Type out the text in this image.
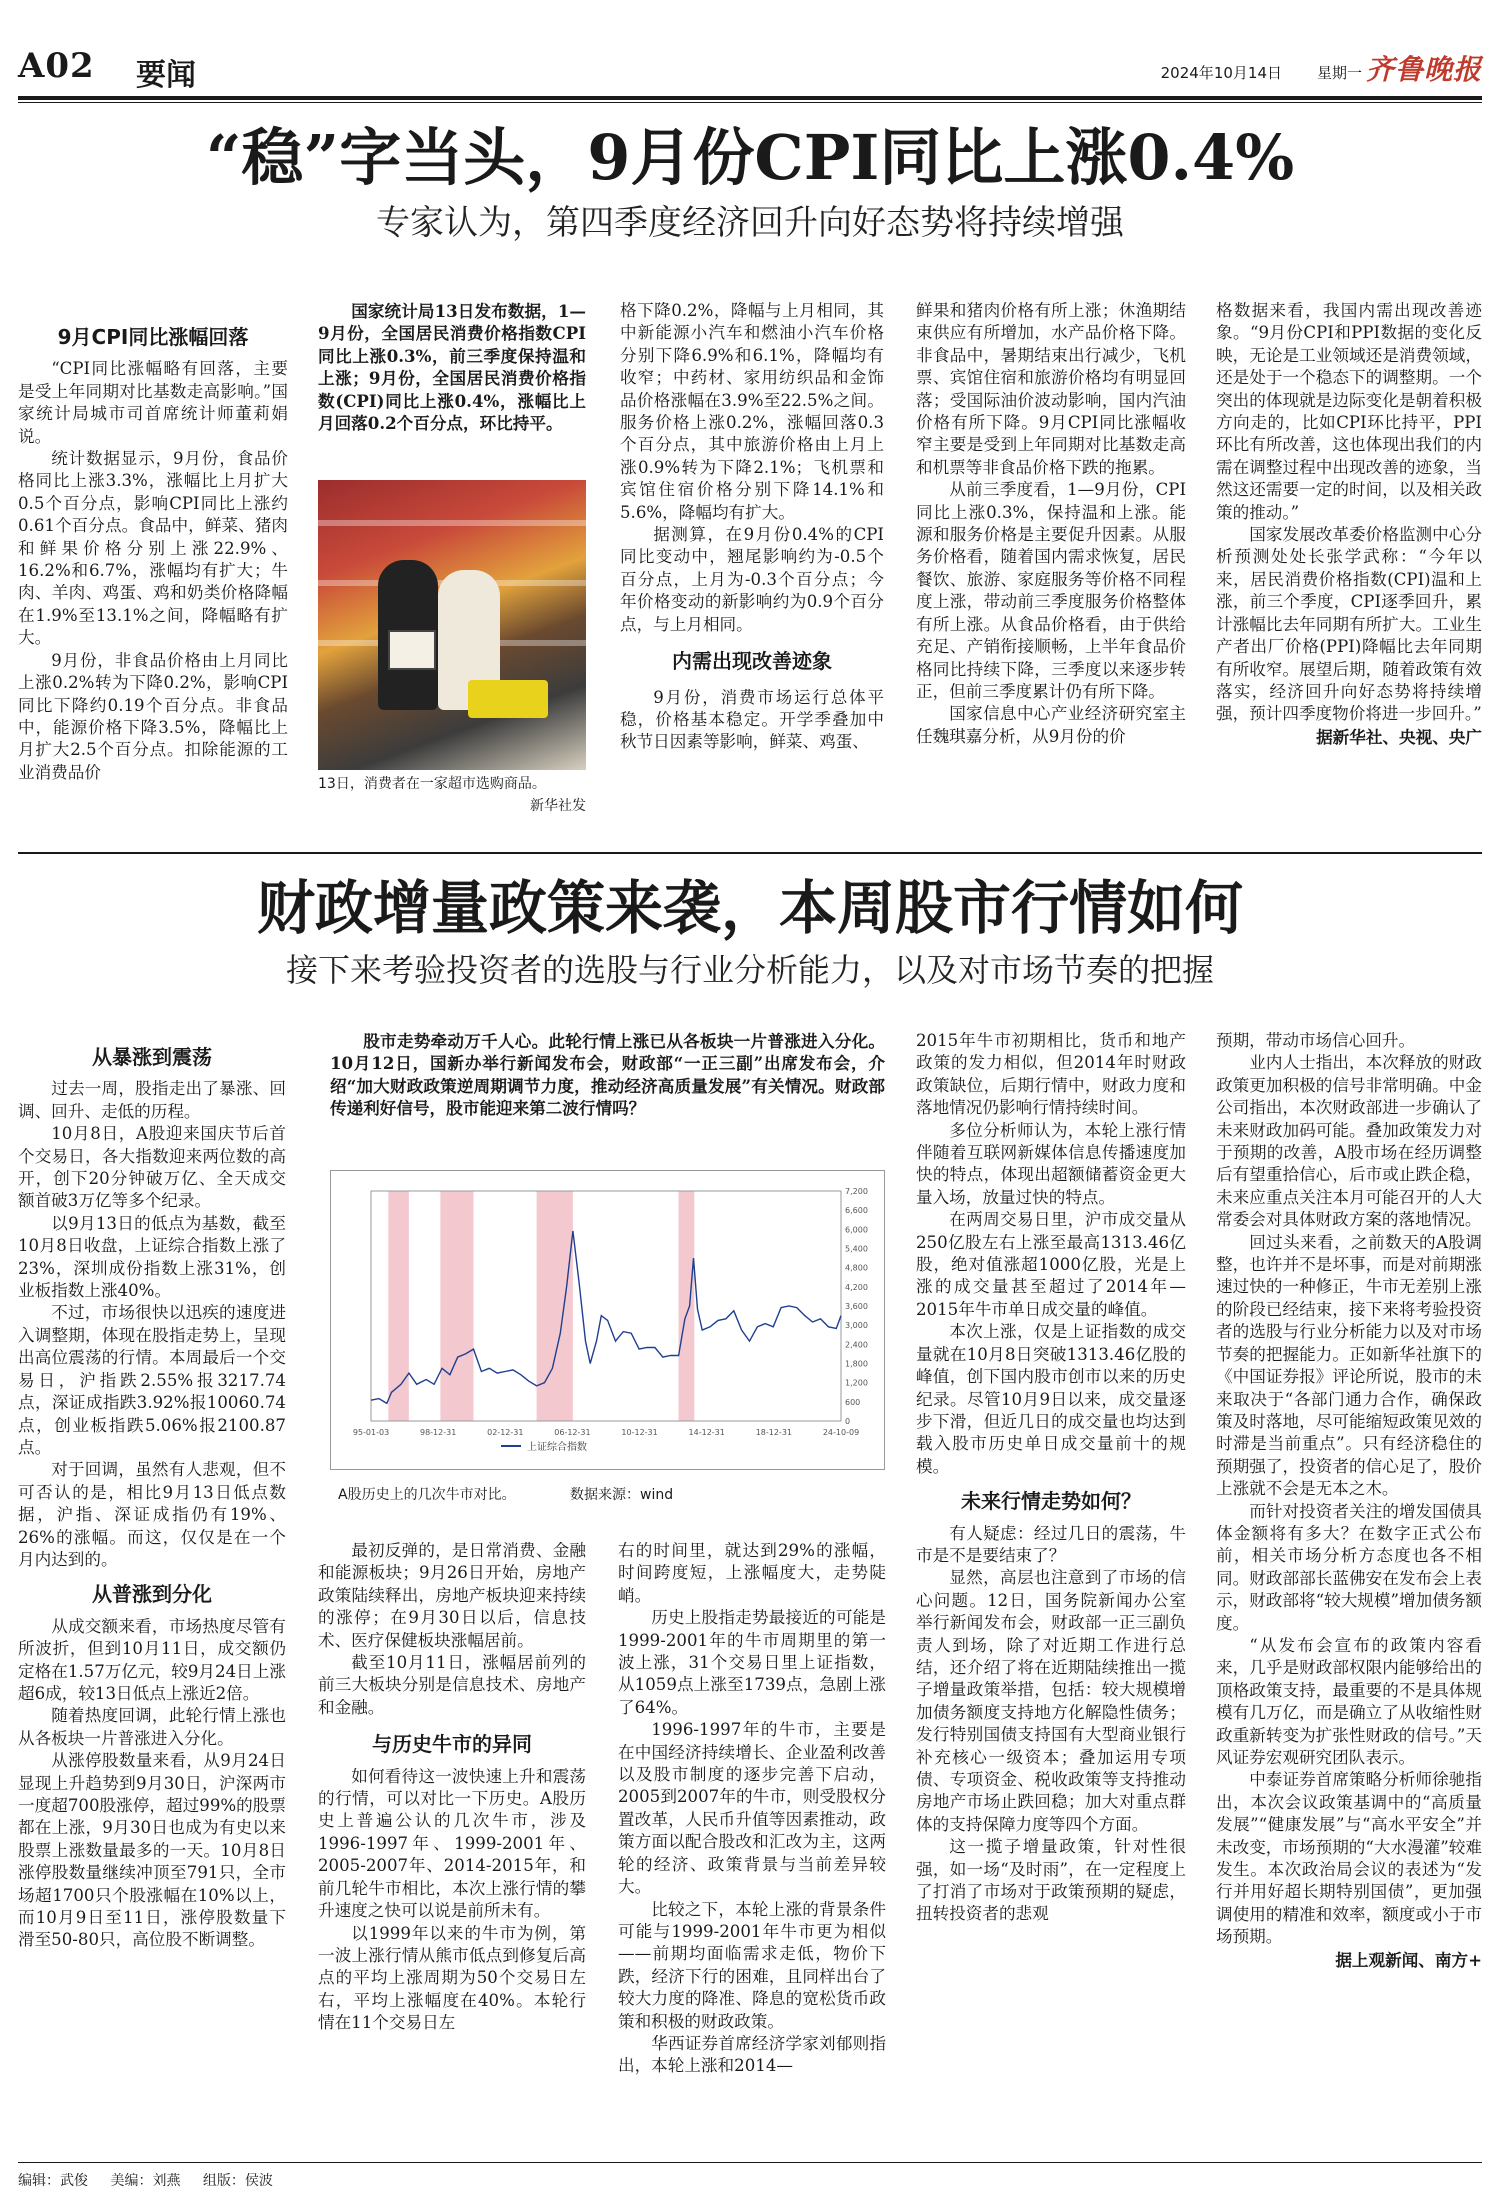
A02 要闻	2024年10月14日 星期一 齐鲁晚报
“稳”字当头，9月份CPI同比上涨0.4%
专家认为，第四季度经济回升向好态势将持续增强
9月CPI同比涨幅回落

“CPI同比涨幅略有回落，主要是受上年同期对比基数走高影响。”国家统计局城市司首席统计师董莉娟说。

统计数据显示，9月份，食品价格同比上涨3.3%，涨幅比上月扩大0.5个百分点，影响CPI同比上涨约0.61个百分点。食品中，鲜菜、猪肉和鲜果价格分别上涨22.9%、16.2%和6.7%，涨幅均有扩大；牛肉、羊肉、鸡蛋、鸡和奶类价格降幅在1.9%至13.1%之间，降幅略有扩大。

9月份，非食品价格由上月同比上涨0.2%转为下降0.2%，影响CPI同比下降约0.19个百分点。非食品中，能源价格下降3.5%，降幅比上月扩大2.5个百分点。扣除能源的工业消费品价

国家统计局13日发布数据，1—9月份，全国居民消费价格指数CPI同比上涨0.3%，前三季度保持温和上涨；9月份，全国居民消费价格指数(CPI)同比上涨0.4%，涨幅比上月回落0.2个百分点，环比持平。

13日，消费者在一家超市选购商品。
新华社发

格下降0.2%，降幅与上月相同，其中新能源小汽车和燃油小汽车价格分别下降6.9%和6.1%，降幅均有收窄；中药材、家用纺织品和金饰品价格涨幅在3.9%至22.5%之间。服务价格上涨0.2%，涨幅回落0.3个百分点，其中旅游价格由上月上涨0.9%转为下降2.1%；飞机票和宾馆住宿价格分别下降14.1%和5.6%，降幅均有扩大。

据测算，在9月份0.4%的CPI同比变动中，翘尾影响约为-0.5个百分点，上月为-0.3个百分点；今年价格变动的新影响约为0.9个百分点，与上月相同。

内需出现改善迹象

9月份，消费市场运行总体平稳，价格基本稳定。开学季叠加中秋节日因素等影响，鲜菜、鸡蛋、

鲜果和猪肉价格有所上涨；休渔期结束供应有所增加，水产品价格下降。非食品中，暑期结束出行减少，飞机票、宾馆住宿和旅游价格均有明显回落；受国际油价波动影响，国内汽油价格有所下降。9月CPI同比涨幅收窄主要是受到上年同期对比基数走高和机票等非食品价格下跌的拖累。

从前三季度看，1—9月份，CPI同比上涨0.3%，保持温和上涨。能源和服务价格是主要促升因素。从服务价格看，随着国内需求恢复，居民餐饮、旅游、家庭服务等价格不同程度上涨，带动前三季度服务价格整体有所上涨。从食品价格看，由于供给充足、产销衔接顺畅，上半年食品价格同比持续下降，三季度以来逐步转正，但前三季度累计仍有所下降。

国家信息中心产业经济研究室主任魏琪嘉分析，从9月份的价

格数据来看，我国内需出现改善迹象。“9月份CPI和PPI数据的变化反映，无论是工业领域还是消费领域，还是处于一个稳态下的调整期。一个突出的体现就是边际变化是朝着积极方向走的，比如CPI环比持平，PPI环比有所改善，这也体现出我们的内需在调整过程中出现改善的迹象，当然这还需要一定的时间，以及相关政策的推动。”

国家发展改革委价格监测中心分析预测处处长张学武称：“今年以来，居民消费价格指数(CPI)温和上涨，前三个季度，CPI逐季回升，累计涨幅比去年同期有所扩大。工业生产者出厂价格(PPI)降幅比去年同期有所收窄。展望后期，随着政策有效落实，经济回升向好态势将持续增强，预计四季度物价将进一步回升。”

据新华社、央视、央广

财政增量政策来袭，本周股市行情如何
接下来考验投资者的选股与行业分析能力，以及对市场节奏的把握
从暴涨到震荡

过去一周，股指走出了暴涨、回调、回升、走低的历程。

10月8日，A股迎来国庆节后首个交易日，各大指数迎来两位数的高开，创下20分钟破万亿、全天成交额首破3万亿等多个纪录。

以9月13日的低点为基数，截至10月8日收盘，上证综合指数上涨了23%，深圳成份指数上涨31%，创业板指数上涨40%。

不过，市场很快以迅疾的速度进入调整期，体现在股指走势上，呈现出高位震荡的行情。本周最后一个交易日，沪指跌2.55%报3217.74点，深证成指跌3.92%报10060.74点，创业板指跌5.06%报2100.87点。

对于回调，虽然有人悲观，但不可否认的是，相比9月13日低点数据，沪指、深证成指仍有19%、26%的涨幅。而这，仅仅是在一个月内达到的。

从普涨到分化

从成交额来看，市场热度尽管有所波折，但到10月11日，成交额仍定格在1.57万亿元，较9月24日上涨超6成，较13日低点上涨近2倍。

随着热度回调，此轮行情上涨也从各板块一片普涨进入分化。

从涨停股数量来看，从9月24日显现上升趋势到9月30日，沪深两市一度超700股涨停，超过99%的股票都在上涨，9月30日也成为有史以来股票上涨数量最多的一天。10月8日涨停股数量继续冲顶至791只，全市场超1700只个股涨幅在10%以上，而10月9日至11日，涨停股数量下滑至50-80只，高位股不断调整。

股市走势牵动万千人心。此轮行情上涨已从各板块一片普涨进入分化。10月12日，国新办举行新闻发布会，财政部“一正三副”出席发布会，介绍“加大财政政策逆周期调节力度，推动经济高质量发展”有关情况。财政部传递利好信号，股市能迎来第二波行情吗？

0
600
1,200
1,800
2,400
3,000
3,600
4,200
4,800
5,400
6,000
6,600
7,200
95-01-03	98-12-31	02-12-31	06-12-31	10-12-31	14-12-31	18-12-31	24-10-09
上证综合指数
A股历史上的几次牛市对比。	数据来源：wind

最初反弹的，是日常消费、金融和能源板块；9月26日开始，房地产政策陆续释出，房地产板块迎来持续的涨停；在9月30日以后，信息技术、医疗保健板块涨幅居前。

截至10月11日，涨幅居前列的前三大板块分别是信息技术、房地产和金融。

与历史牛市的异同

如何看待这一波快速上升和震荡的行情，可以对比一下历史。A股历史上普遍公认的几次牛市，涉及1996-1997年、1999-2001年、2005-2007年、2014-2015年，和前几轮牛市相比，本次上涨行情的攀升速度之快可以说是前所未有。

以1999年以来的牛市为例，第一波上涨行情从熊市低点到修复后高点的平均上涨周期为50个交易日左右，平均上涨幅度在40%。本轮行情在11个交易日左

右的时间里，就达到29%的涨幅，时间跨度短，上涨幅度大，走势陡峭。

历史上股指走势最接近的可能是1999-2001年的牛市周期里的第一波上涨，31个交易日里上证指数，从1059点上涨至1739点，急剧上涨了64%。

1996-1997年的牛市，主要是在中国经济持续增长、企业盈利改善以及股市制度的逐步完善下启动，2005到2007年的牛市，则受股权分置改革，人民币升值等因素推动，政策方面以配合股改和汇改为主，这两轮的经济、政策背景与当前差异较大。

比较之下，本轮上涨的背景条件可能与1999-2001年牛市更为相似——前期均面临需求走低，物价下跌，经济下行的困难，且同样出台了较大力度的降准、降息的宽松货币政策和积极的财政政策。

华西证券首席经济学家刘郁则指出，本轮上涨和2014—

2015年牛市初期相比，货币和地产政策的发力相似，但2014年时财政政策缺位，后期行情中，财政力度和落地情况仍影响行情持续时间。

多位分析师认为，本轮上涨行情伴随着互联网新媒体信息传播速度加快的特点，体现出超额储蓄资金更大量入场，放量过快的特点。

在两周交易日里，沪市成交量从250亿股左右上涨至最高1313.46亿股，绝对值涨超1000亿股，光是上涨的成交量甚至超过了2014年—2015年牛市单日成交量的峰值。

本次上涨，仅是上证指数的成交量就在10月8日突破1313.46亿股的峰值，创下国内股市创市以来的历史纪录。尽管10月9日以来，成交量逐步下滑，但近几日的成交量也均达到载入股市历史单日成交量前十的规模。

未来行情走势如何？

有人疑虑：经过几日的震荡，牛市是不是要结束了？

显然，高层也注意到了市场的信心问题。12日，国务院新闻办公室举行新闻发布会，财政部一正三副负责人到场，除了对近期工作进行总结，还介绍了将在近期陆续推出一揽子增量政策举措，包括：较大规模增加债务额度支持地方化解隐性债务；发行特别国债支持国有大型商业银行补充核心一级资本；叠加运用专项债、专项资金、税收政策等支持推动房地产市场止跌回稳；加大对重点群体的支持保障力度等四个方面。

这一揽子增量政策，针对性很强，如一场“及时雨”，在一定程度上了打消了市场对于政策预期的疑虑，扭转投资者的悲观

预期，带动市场信心回升。

业内人士指出，本次释放的财政政策更加积极的信号非常明确。中金公司指出，本次财政部进一步确认了未来财政加码可能。叠加政策发力对于预期的改善，A股市场在经历调整后有望重拾信心，后市或止跌企稳，未来应重点关注本月可能召开的人大常委会对具体财政方案的落地情况。

回过头来看，之前数天的A股调整，也许并不是坏事，而是对前期涨速过快的一种修正，牛市无差别上涨的阶段已经结束，接下来将考验投资者的选股与行业分析能力以及对市场节奏的把握能力。正如新华社旗下的《中国证券报》评论所说，股市的未来取决于“各部门通力合作，确保政策及时落地，尽可能缩短政策见效的时滞是当前重点”。只有经济稳住的预期强了，投资者的信心足了，股价上涨就不会是无本之木。

而针对投资者关注的增发国债具体金额将有多大？在数字正式公布前，相关市场分析方态度也各不相同。财政部部长蓝佛安在发布会上表示，财政部将“较大规模”增加债务额度。

“从发布会宣布的政策内容看来，几乎是财政部权限内能够给出的顶格政策支持，最重要的不是具体规模有几万亿，而是确立了从收缩性财政重新转变为扩张性财政的信号。”天风证券宏观研究团队表示。

中泰证券首席策略分析师徐驰指出，本次会议政策基调中的“高质量发展”“健康发展”与“高水平安全”并未改变，市场预期的“大水漫灌”较难发生。本次政治局会议的表述为“发行并用好超长期特别国债”，更加强调使用的精准和效率，额度或小于市场预期。

据上观新闻、南方+

编辑：武俊 美编：刘燕 组版：侯波
